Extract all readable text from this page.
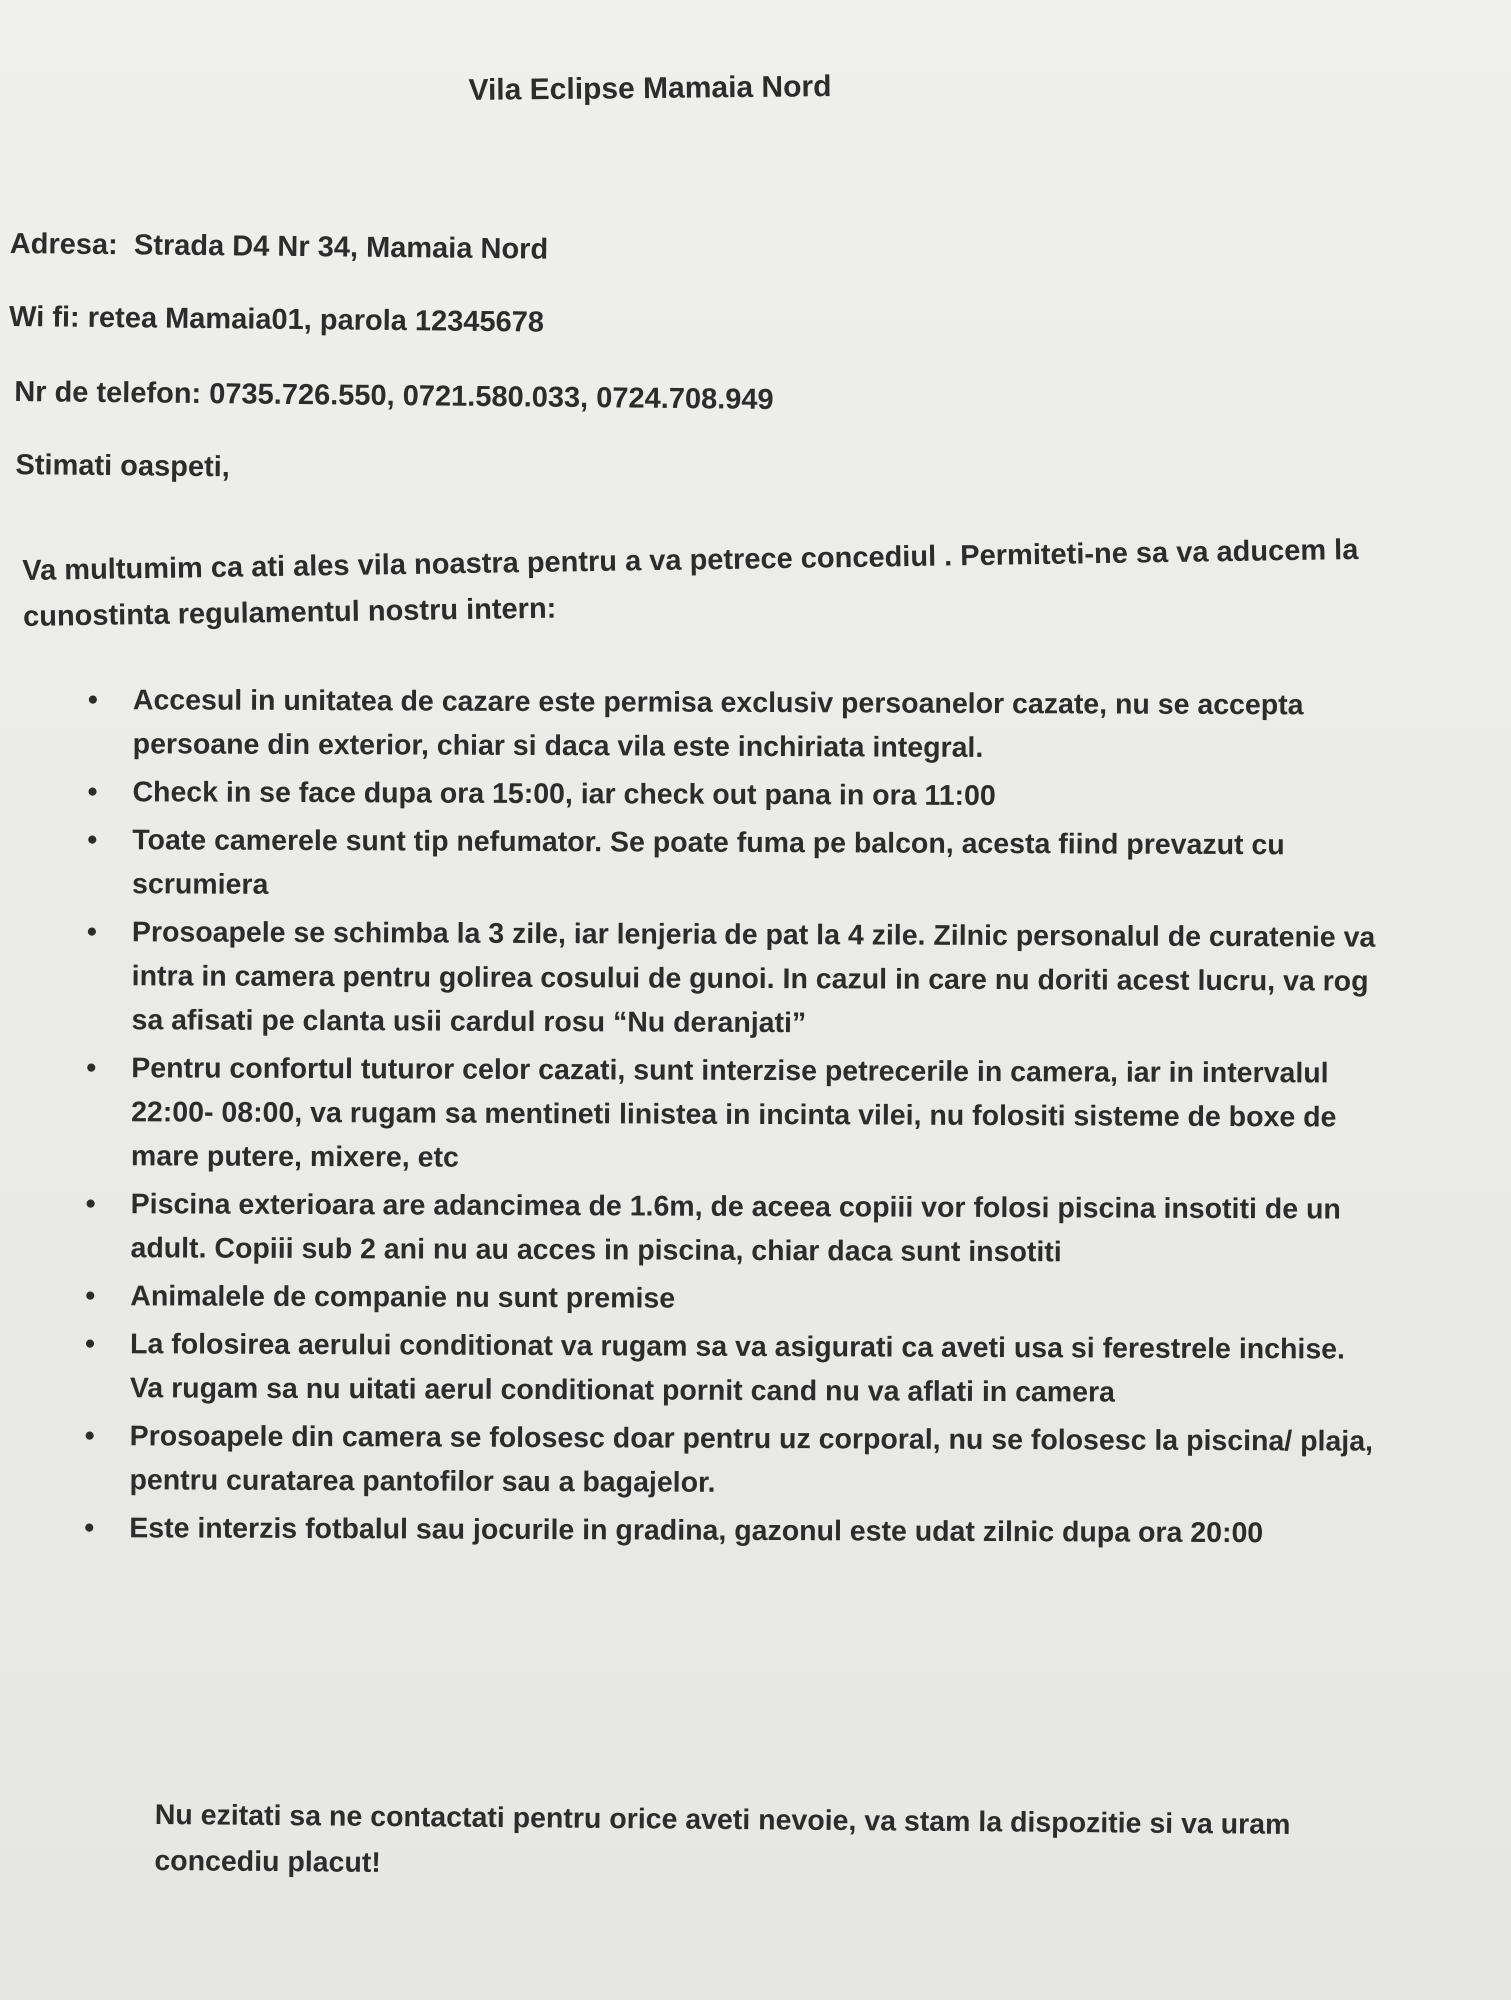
Vila Eclipse Mamaia Nord

Adresa: Strada D4 Nr 34, Mamaia Nord

Wi fi: retea Mamaia01, parola 12345678

Nr de telefon: 0735.726.550, 0721.580.033, 0724.708.949

Stimati oaspeti,

Va multumim ca ati ales vila noastra pentru a va petrece concediul . Permiteti-ne sa va aducem la cunostinta regulamentul nostru intern:
•	Accesul in unitatea de cazare este permisa exclusiv persoanelor cazate, nu se accepta persoane din exterior, chiar si daca vila este inchiriata integral.
•	Check in se face dupa ora 15:00, iar check out pana in ora 11:00
•	Toate camerele sunt tip nefumator. Se poate fuma pe balcon, acesta fiind prevazut cu scrumiera
•	Prosoapele se schimba la 3 zile, iar lenjeria de pat la 4 zile. Zilnic personalul de curatenie va intra in camera pentru golirea cosului de gunoi. In cazul in care nu doriti acest lucru, va rog sa afisati pe clanta usii cardul rosu “Nu deranjati”
•	Pentru confortul tuturor celor cazati, sunt interzise petrecerile in camera, iar in intervalul 22:00- 08:00, va rugam sa mentineti linistea in incinta vilei, nu folositi sisteme de boxe de mare putere, mixere, etc
•	Piscina exterioara are adancimea de 1.6m, de aceea copiii vor folosi piscina insotiti de un adult. Copiii sub 2 ani nu au acces in piscina, chiar daca sunt insotiti
•	Animalele de companie nu sunt premise
•	La folosirea aerului conditionat va rugam sa va asigurati ca aveti usa si ferestrele inchise. Va rugam sa nu uitati aerul conditionat pornit cand nu va aflati in camera
•	Prosoapele din camera se folosesc doar pentru uz corporal, nu se folosesc la piscina/ plaja, pentru curatarea pantofilor sau a bagajelor.
•	Este interzis fotbalul sau jocurile in gradina, gazonul este udat zilnic dupa ora 20:00
Nu ezitati sa ne contactati pentru orice aveti nevoie, va stam la dispozitie si va uram concediu placut!
